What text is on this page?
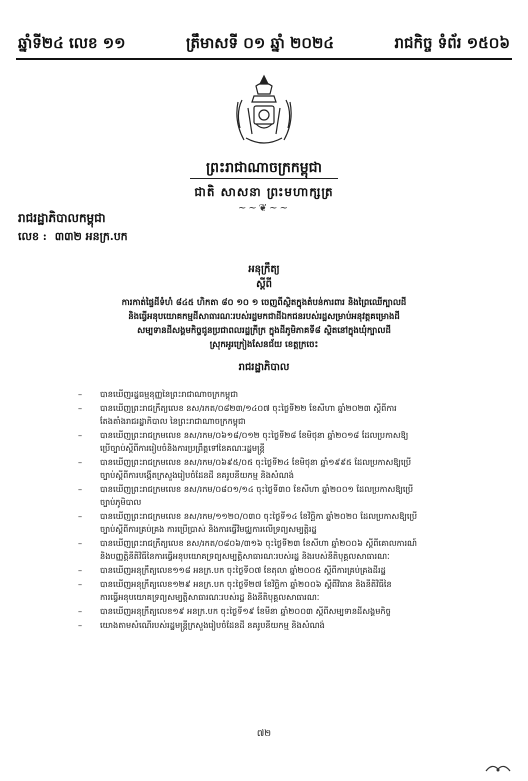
ឆ្នាំទី២៤ លេខ ១១	ត្រឹមាសទី ០១ ឆ្នាំ ២០២៤	រាជកិច្ច ទំព័រ ១៥០៦
ព្រះរាជាណាចក្រកម្ពុជា
ជាតិ សាសនា ព្រះមហាក្សត្រ
~~❦~~
រាជរដ្ឋាភិបាលកម្ពុជា
លេខ : ៣៣២ អនក្រ.បក
អនុក្រឹត្យ
ស្តីពី
ការកាត់ផ្ទៃដីទំហំ ៨៤៥ ហិកតា ៨០ ១០ ១ ចេញពីស្ថិតក្នុងតំបន់ការពារ និងព្រៃឈើក្បាលដី
និងធ្វើអនុបយោគកម្មដីសាធារណៈរបស់រដ្ឋមកជាដីឯកជនរបស់រដ្ឋសម្រាប់អនុវត្តគម្រោងដី
សម្បទានដីសង្គមកិច្ចជូនប្រជាពលរដ្ឋក្រីក្រ ក្នុងដីភូមិភាគទី៨ ស្ថិតនៅក្នុងឃុំក្បាលដី
ស្រុកអូរក្រៀងសែនជ័យ ខេត្តក្រចេះ
រាជរដ្ឋាភិបាល
– បានឃើញរដ្ឋធម្មនុញ្ញនៃព្រះរាជាណាចក្រកម្ពុជា
– បានឃើញព្រះរាជក្រឹត្យលេខ នស/រកត/០៨២៣/១៤០៧ ចុះថ្ងៃទី២២ ខែសីហា ឆ្នាំ២០២៣ ស្តីពីការ
តែងតាំងរាជរដ្ឋាភិបាល នៃព្រះរាជាណាចក្រកម្ពុជា
– បានឃើញព្រះរាជក្រមលេខ នស/រកម/០៦១៨/០១២ ចុះថ្ងៃទី២៨ ខែមិថុនា ឆ្នាំ២០១៨ ដែលប្រកាសឱ្យ
ប្រើច្បាប់ស្តីពីការរៀបចំនិងការប្រព្រឹត្តទៅនៃគណៈរដ្ឋមន្ត្រី
– បានឃើញព្រះរាជក្រមលេខ នស/រកម/០៦៩៥/០៥ ចុះថ្ងៃទី២៤ ខែមិថុនា ឆ្នាំ១៩៩៥ ដែលប្រកាសឱ្យប្រើ
ច្បាប់ស្តីពីការបង្កើតក្រសួងរៀបចំដែនដី នគរូបនីយកម្ម និងសំណង់
– បានឃើញព្រះរាជក្រមលេខ នស/រកម/០៨០១/១៤ ចុះថ្ងៃទី៣០ ខែសីហា ឆ្នាំ២០០១ ដែលប្រកាសឱ្យប្រើ
ច្បាប់ភូមិបាល
– បានឃើញព្រះរាជក្រមលេខ នស/រកម/១១២០/០៣០ ចុះថ្ងៃទី១៤ ខែវិច្ឆិកា ឆ្នាំ២០២០ ដែលប្រកាសឱ្យប្រើ
ច្បាប់ស្តីពីការគ្រប់គ្រង ការប្រើប្រាស់ និងការធ្វើវិមជ្ឈការលើទ្រព្យសម្បត្តិរដ្ឋ
– បានឃើញព្រះរាជក្រឹត្យលេខ នស/រកត/០៨០៦/៣១៦ ចុះថ្ងៃទី២៣ ខែសីហា ឆ្នាំ២០០៦ ស្តីពីគោលការណ៍
និងបញ្ញត្តិនីតិវិធីនៃការធ្វើអនុបយោគទ្រព្យសម្បត្តិសាធារណៈរបស់រដ្ឋ និងរបស់នីតិបុគ្គលសាធារណៈ
– បានឃើញអនុក្រឹត្យលេខ១១៨ អនក្រ.បក ចុះថ្ងៃទី០៧ ខែតុលា ឆ្នាំ២០០៥ ស្តីពីការគ្រប់គ្រងដីរដ្ឋ
– បានឃើញអនុក្រឹត្យលេខ១២៩ អនក្រ.បក ចុះថ្ងៃទី២៧ ខែវិច្ឆិកា ឆ្នាំ២០០៦ ស្តីពីវិធាន និងនីតិវិធីនៃ
ការធ្វើអនុបយោគទ្រព្យសម្បត្តិសាធារណៈរបស់រដ្ឋ និងនីតិបុគ្គលសាធារណៈ
– បានឃើញអនុក្រឹត្យលេខ១៩ អនក្រ.បក ចុះថ្ងៃទី១៩ ខែមីនា ឆ្នាំ២០០៣ ស្តីពីសម្បទានដីសង្គមកិច្ច
– យោងតាមសំណើរបស់រដ្ឋមន្ត្រីក្រសួងរៀបចំដែនដី នគរូបនីយកម្ម និងសំណង់
៧២
